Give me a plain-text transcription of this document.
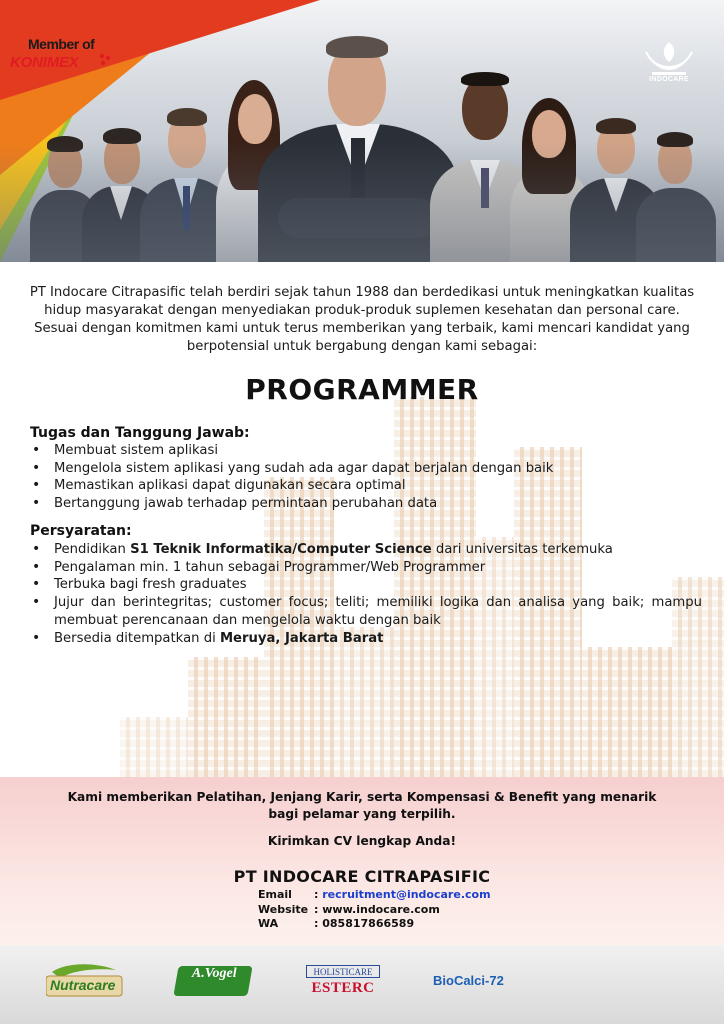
Member of
KONIMEX
INDOCARE
PT Indocare Citrapasific telah berdiri sejak tahun 1988 dan berdedikasi untuk meningkatkan kualitas
hidup masyarakat dengan menyediakan produk-produk suplemen kesehatan dan personal care.
Sesuai dengan komitmen kami untuk terus memberikan yang terbaik, kami mencari kandidat yang
berpotensial untuk bergabung dengan kami sebagai:
PROGRAMMER
Tugas dan Tanggung Jawab:
• Membuat sistem aplikasi
• Mengelola sistem aplikasi yang sudah ada agar dapat berjalan dengan baik
• Memastikan aplikasi dapat digunakan secara optimal
• Bertanggung jawab terhadap permintaan perubahan data
Persyaratan:
• Pendidikan S1 Teknik Informatika/Computer Science dari universitas terkemuka
• Pengalaman min. 1 tahun sebagai Programmer/Web Programmer
• Terbuka bagi fresh graduates
• Jujur dan berintegritas; customer focus; teliti; memiliki logika dan analisa yang baik; mampu membuat perencanaan dan mengelola waktu dengan baik
• Bersedia ditempatkan di Meruya, Jakarta Barat
Kami memberikan Pelatihan, Jenjang Karir, serta Kompensasi & Benefit yang menarik
bagi pelamar yang terpilih.
Kirimkan CV lengkap Anda!
PT INDOCARE CITRAPASIFIC
Email	:
recruitment@indocare.com
Website :
www.indocare.com
WA	:
085817866589
Nutracare
A.Vogel	HOLISTICARE
ESTERC	BioCalci-72
